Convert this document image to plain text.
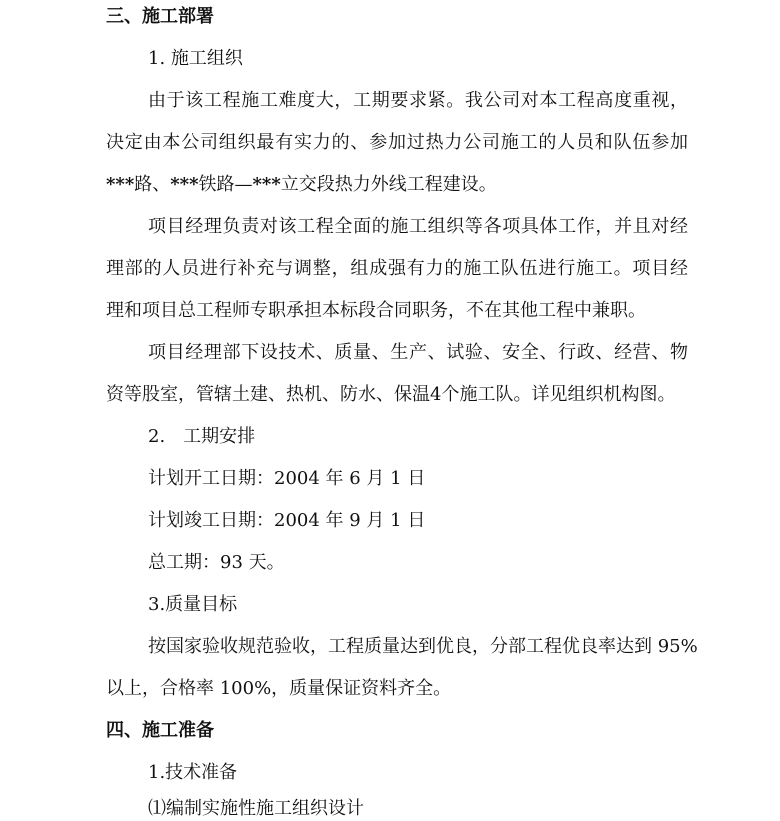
三、施工部署
1. 施工组织
由于该工程施工难度大，工期要求紧。我公司对本工程高度重视，
决定由本公司组织最有实力的、参加过热力公司施工的人员和队伍参加
***路、***铁路—***立交段热力外线工程建设。
项目经理负责对该工程全面的施工组织等各项具体工作，并且对经
理部的人员进行补充与调整，组成强有力的施工队伍进行施工。项目经
理和项目总工程师专职承担本标段合同职务，不在其他工程中兼职。
项目经理部下设技术、质量、生产、试验、安全、行政、经营、物
资等股室，管辖土建、热机、防水、保温4个施工队。详见组织机构图。
2.　工期安排
计划开工日期：2004 年 6 月 1 日
计划竣工日期：2004 年 9 月 1 日
总工期：93 天。
3.质量目标
按国家验收规范验收，工程质量达到优良，分部工程优良率达到 95%
以上，合格率 100%，质量保证资料齐全。
四、施工准备
1.技术准备
⑴编制实施性施工组织设计
